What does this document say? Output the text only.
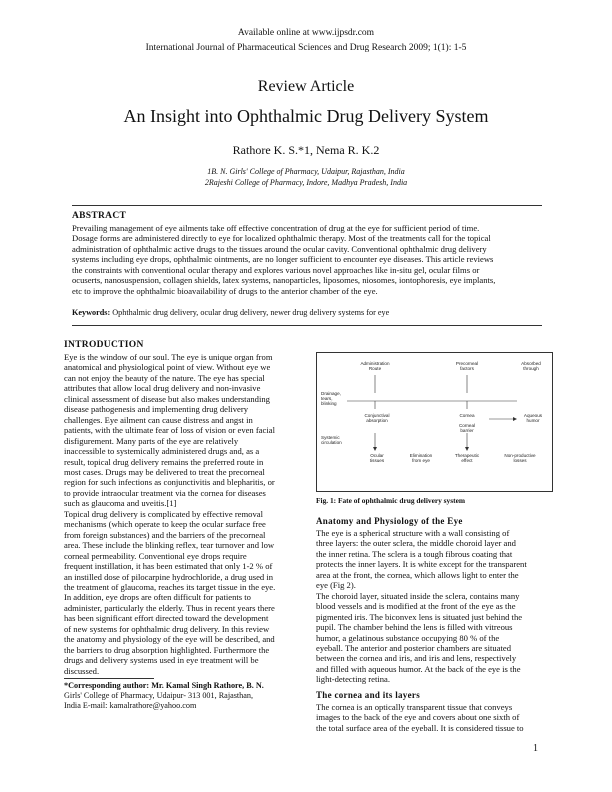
Available online at www.ijpsdr.com
International Journal of Pharmaceutical Sciences and Drug Research 2009; 1(1): 1-5
Review Article
An Insight into Ophthalmic Drug Delivery System
Rathore K. S.*1, Nema R. K.2
1B. N. Girls' College of Pharmacy, Udaipur, Rajasthan, India
2Rajeshi College of Pharmacy, Indore, Madhya Pradesh, India
ABSTRACT
Prevailing management of eye ailments take off effective concentration of drug at the eye for sufficient period of time.
Dosage forms are administered directly to eye for localized ophthalmic therapy. Most of the treatments call for the topical
administration of ophthalmic active drugs to the tissues around the ocular cavity. Conventional ophthalmic drug delivery
systems including eye drops, ophthalmic ointments, are no longer sufficient to encounter eye diseases. This article reviews
the constraints with conventional ocular therapy and explores various novel approaches like in-situ gel, ocular films or
ocuserts, nanosuspension, collagen shields, latex systems, nanoparticles, liposomes, niosomes, iontophoresis, eye implants,
etc to improve the ophthalmic bioavailability of drugs to the anterior chamber of the eye.
Keywords: Ophthalmic drug delivery, ocular drug delivery, newer drug delivery systems for eye
INTRODUCTION
Eye is the window of our soul. The eye is unique organ from
anatomical and physiological point of view. Without eye we
can not enjoy the beauty of the nature. The eye has special
attributes that allow local drug delivery and non-invasive
clinical assessment of disease but also makes understanding
disease pathogenesis and implementing drug delivery
challenges. Eye ailment can cause distress and angst in
patients, with the ultimate fear of loss of vision or even facial
disfigurement. Many parts of the eye are relatively
inaccessible to systemically administered drugs and, as a
result, topical drug delivery remains the preferred route in
most cases. Drugs may be delivered to treat the precorneal
region for such infections as conjunctivitis and blepharitis, or
to provide intraocular treatment via the cornea for diseases
such as glaucoma and uveitis.[1]
Topical drug delivery is complicated by effective removal
mechanisms (which operate to keep the ocular surface free
from foreign substances) and the barriers of the precorneal
area. These include the blinking reflex, tear turnover and low
corneal permeability. Conventional eye drops require
frequent instillation, it has been estimated that only 1-2 % of
an instilled dose of pilocarpine hydrochloride, a drug used in
the treatment of glaucoma, reaches its target tissue in the eye.
In addition, eye drops are often difficult for patients to
administer, particularly the elderly. Thus in recent years there
has been significant effort directed toward the development
of new systems for ophthalmic drug delivery. In this review
the anatomy and physiology of the eye will be described, and
the barriers to drug absorption highlighted. Furthermore the
drugs and delivery systems used in eye treatment will be
discussed.
*Corresponding author: Mr. Kamal Singh Rathore, B. N.
Girls' College of Pharmacy, Udaipur- 313 001, Rajasthan,
India E-mail: kamalrathore@yahoo.com
Administration
Route
Precorneal
factors
Drainage,
tears,
blinking
Absorbed
through
Conjunctival
absorption
Cornea
Corneal
barrier
Aqueous
humor
Systemic
circulation
Ocular
tissues
Elimination
from eye
Therapeutic
effect
Non-productive
losses
Fig. 1: Fate of ophthalmic drug delivery system
Anatomy and Physiology of the Eye
The eye is a spherical structure with a wall consisting of
three layers: the outer sclera, the middle choroid layer and
the inner retina. The sclera is a tough fibrous coating that
protects the inner layers. It is white except for the transparent
area at the front, the cornea, which allows light to enter the
eye (Fig 2).
The choroid layer, situated inside the sclera, contains many
blood vessels and is modified at the front of the eye as the
pigmented iris. The biconvex lens is situated just behind the
pupil. The chamber behind the lens is filled with vitreous
humor, a gelatinous substance occupying 80 % of the
eyeball. The anterior and posterior chambers are situated
between the cornea and iris, and iris and lens, respectively
and filled with aqueous humor. At the back of the eye is the
light-detecting retina.
The cornea and its layers
The cornea is an optically transparent tissue that conveys
images to the back of the eye and covers about one sixth of
the total surface area of the eyeball. It is considered tissue to
1
